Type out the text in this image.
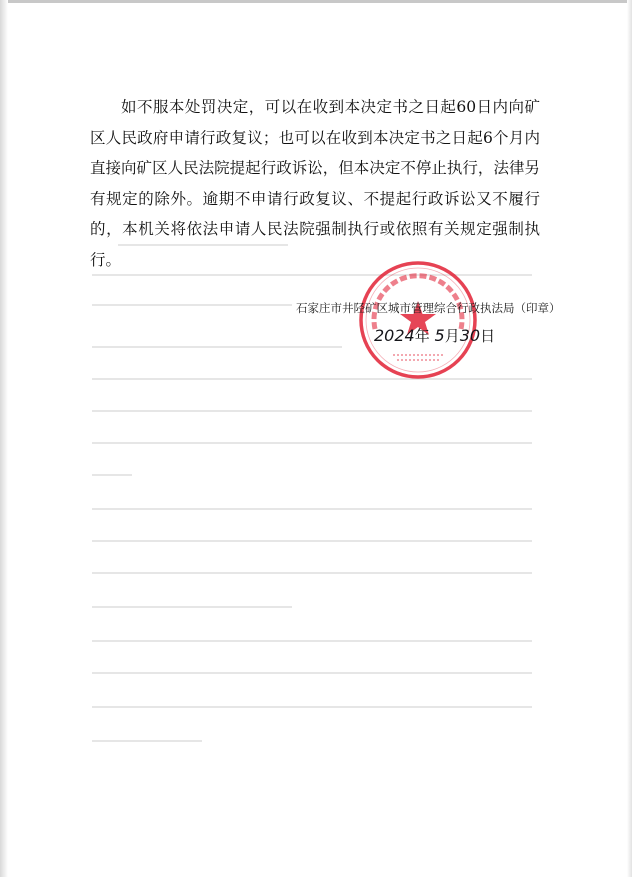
如不服本处罚决定，可以在收到本决定书之日起60日内向矿区人民政府申请行政复议；也可以在收到本决定书之日起6个月内直接向矿区人民法院提起行政诉讼，但本决定不停止执行，法律另有规定的除外。逾期不申请行政复议、不提起行政诉讼又不履行的，本机关将依法申请人民法院强制执行或依照有关规定强制执行。

石家庄市井陉矿区城市管理综合行政执法局（印章）
2024年 5月30日
